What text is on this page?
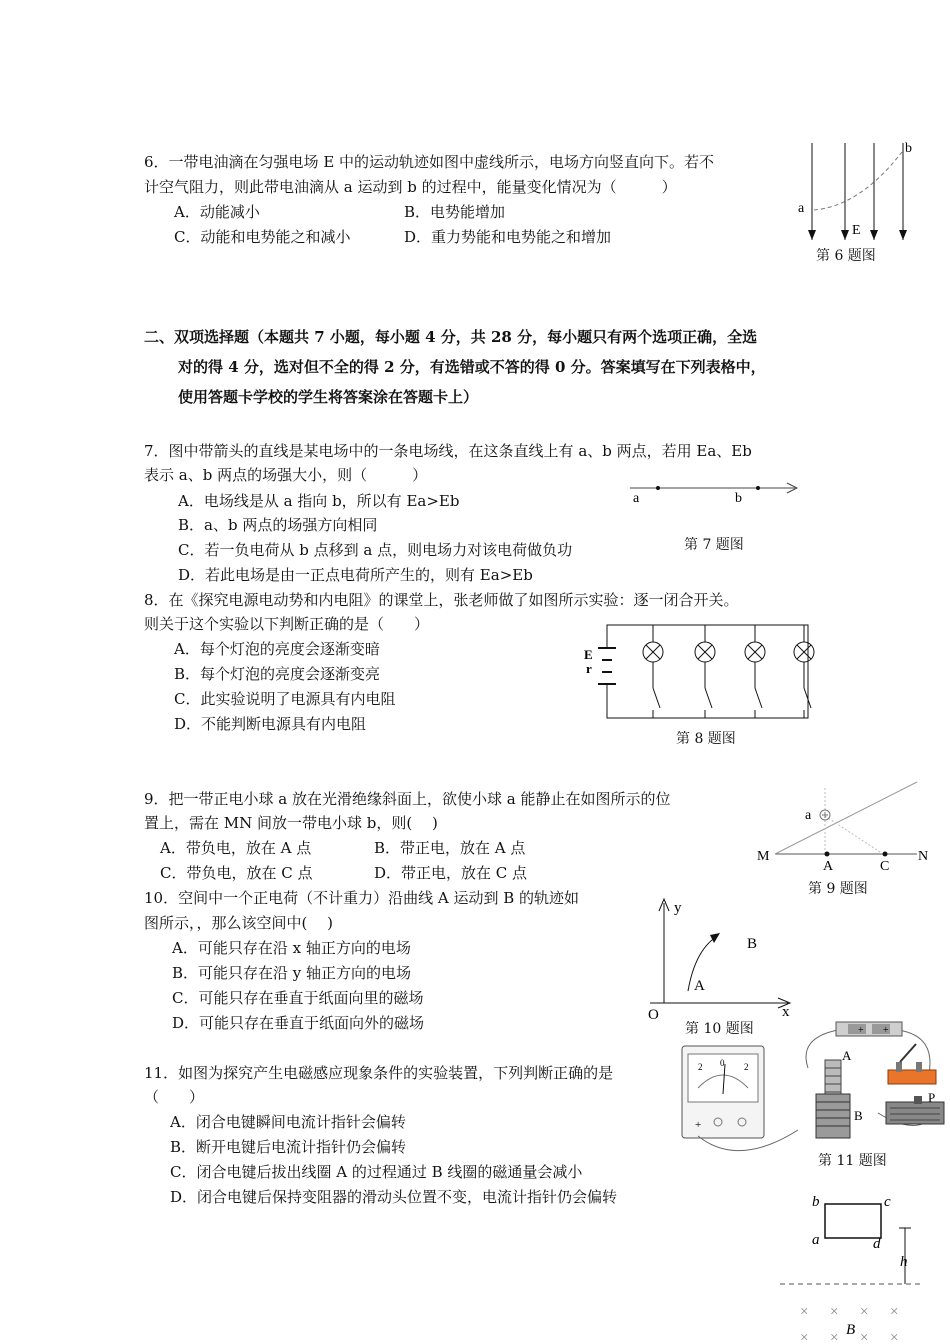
6．一带电油滴在匀强电场 E 中的运动轨迹如图中虚线所示，电场方向竖直向下。若不
计空气阻力，则此带电油滴从 a 运动到 b 的过程中，能量变化情况为（　　　）
A．动能减小	B．电势能增加
C．动能和电势能之和减小	D．重力势能和电势能之和增加
a
b
E
第 6 题图
二、双项选择题（本题共 7 小题，每小题 4 分，共 28 分，每小题只有两个选项正确，全选
对的得 4 分，选对但不全的得 2 分，有选错或不答的得 0 分。答案填写在下列表格中，
使用答题卡学校的学生将答案涂在答题卡上）
7．图中带箭头的直线是某电场中的一条电场线，在这条直线上有 a、b 两点，若用 Ea、Eb
表示 a、b 两点的场强大小，则（　　　）
A．电场线是从 a 指向 b，所以有 Ea>Eb
B．a、b 两点的场强方向相同
C．若一负电荷从 b 点移到 a 点，则电场力对该电荷做负功
D．若此电场是由一正点电荷所产生的，则有 Ea>Eb
a	b
第 7 题图
8．在《探究电源电动势和内电阻》的课堂上，张老师做了如图所示实验：逐一闭合开关。
则关于这个实验以下判断正确的是（　　）
A．每个灯泡的亮度会逐渐变暗
B．每个灯泡的亮度会逐渐变亮
C．此实验说明了电源具有内电阻
D．不能判断电源具有内电阻
E
r
第 8 题图
9．把一带正电小球 a 放在光滑绝缘斜面上，欲使小球 a 能静止在如图所示的位
置上，需在 MN 间放一带电小球 b，则(　 )
A．带负电，放在 A 点	B．带正电，放在 A 点
C．带负电，放在 C 点	D．带正电，放在 C 点
a
M
A	C
N
第 9 题图
10．空间中一个正电荷（不计重力）沿曲线 A 运动到 B 的轨迹如
图所示，，那么该空间中(　 )
A．可能只存在沿 x 轴正方向的电场
B．可能只存在沿 y 轴正方向的电场
C．可能只存在垂直于纸面向里的磁场
D．可能只存在垂直于纸面向外的磁场
y
x
O
A
B
第 10 题图
11．如图为探究产生电磁感应现象条件的实验装置，下列判断正确的是
（　　）
A．闭合电键瞬间电流计指针会偏转
B．断开电键后电流计指针仍会偏转
C．闭合电键后拔出线圈 A 的过程通过 B 线圈的磁通量会减小
D．闭合电键后保持变阻器的滑动头位置不变，电流计指针仍会偏转
2 0 2
+
+ +
A
B
P
第 11 题图
× × × ×
× × × ×
b	c
a	d
h
B
